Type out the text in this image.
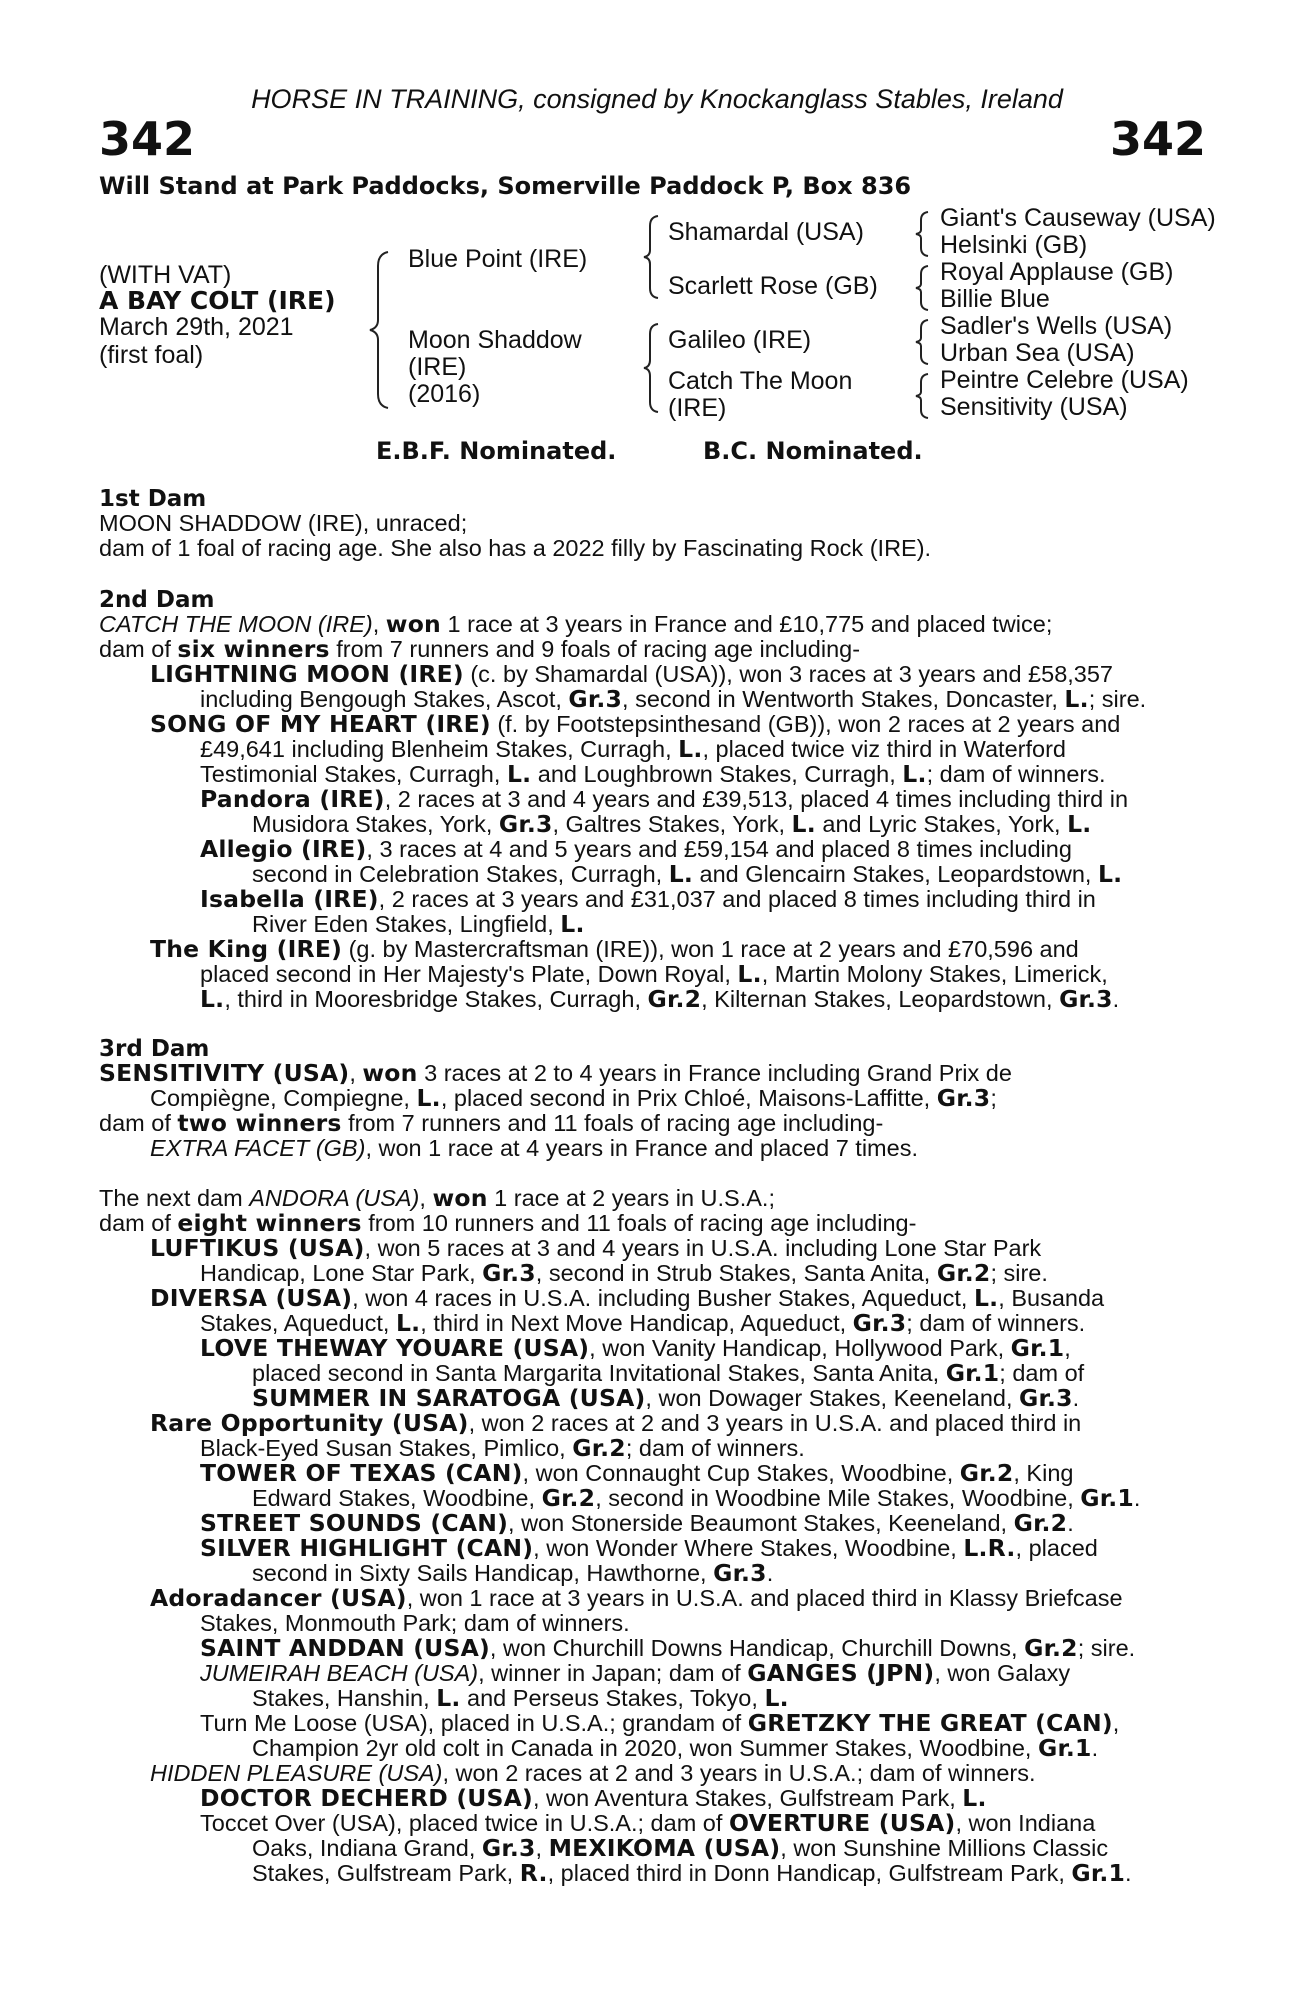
HORSE IN TRAINING, consigned by Knockanglass Stables, Ireland
342	342
Will Stand at Park Paddocks, Somerville Paddock P, Box 836
(WITH VAT)
A BAY COLT (IRE)
March 29th, 2021
(first foal)
Blue Point (IRE)
Moon Shaddow
(IRE)
(2016)
Shamardal (USA)
Scarlett Rose (GB)
Galileo (IRE)
Catch The Moon
(IRE)
Giant's Causeway (USA)
Helsinki (GB)
Royal Applause (GB)
Billie Blue
Sadler's Wells (USA)
Urban Sea (USA)
Peintre Celebre (USA)
Sensitivity (USA)
E.B.F. Nominated.	B.C. Nominated.
1st Dam
MOON SHADDOW (IRE), unraced;
dam of 1 foal of racing age. She also has a 2022 filly by Fascinating Rock (IRE).
2nd Dam
CATCH THE MOON (IRE), won 1 race at 3 years in France and £10,775 and placed twice;
dam of six winners from 7 runners and 9 foals of racing age including-
LIGHTNING MOON (IRE) (c. by Shamardal (USA)), won 3 races at 3 years and £58,357
including Bengough Stakes, Ascot, Gr.3, second in Wentworth Stakes, Doncaster, L.; sire.
SONG OF MY HEART (IRE) (f. by Footstepsinthesand (GB)), won 2 races at 2 years and
£49,641 including Blenheim Stakes, Curragh, L., placed twice viz third in Waterford
Testimonial Stakes, Curragh, L. and Loughbrown Stakes, Curragh, L.; dam of winners.
Pandora (IRE), 2 races at 3 and 4 years and £39,513, placed 4 times including third in
Musidora Stakes, York, Gr.3, Galtres Stakes, York, L. and Lyric Stakes, York, L.
Allegio (IRE), 3 races at 4 and 5 years and £59,154 and placed 8 times including
second in Celebration Stakes, Curragh, L. and Glencairn Stakes, Leopardstown, L.
Isabella (IRE), 2 races at 3 years and £31,037 and placed 8 times including third in
River Eden Stakes, Lingfield, L.
The King (IRE) (g. by Mastercraftsman (IRE)), won 1 race at 2 years and £70,596 and
placed second in Her Majesty's Plate, Down Royal, L., Martin Molony Stakes, Limerick,
L., third in Mooresbridge Stakes, Curragh, Gr.2, Kilternan Stakes, Leopardstown, Gr.3.
3rd Dam
SENSITIVITY (USA), won 3 races at 2 to 4 years in France including Grand Prix de
Compiègne, Compiegne, L., placed second in Prix Chloé, Maisons-Laffitte, Gr.3;
dam of two winners from 7 runners and 11 foals of racing age including-
EXTRA FACET (GB), won 1 race at 4 years in France and placed 7 times.
The next dam ANDORA (USA), won 1 race at 2 years in U.S.A.;
dam of eight winners from 10 runners and 11 foals of racing age including-
LUFTIKUS (USA), won 5 races at 3 and 4 years in U.S.A. including Lone Star Park
Handicap, Lone Star Park, Gr.3, second in Strub Stakes, Santa Anita, Gr.2; sire.
DIVERSA (USA), won 4 races in U.S.A. including Busher Stakes, Aqueduct, L., Busanda
Stakes, Aqueduct, L., third in Next Move Handicap, Aqueduct, Gr.3; dam of winners.
LOVE THEWAY YOUARE (USA), won Vanity Handicap, Hollywood Park, Gr.1,
placed second in Santa Margarita Invitational Stakes, Santa Anita, Gr.1; dam of
SUMMER IN SARATOGA (USA), won Dowager Stakes, Keeneland, Gr.3.
Rare Opportunity (USA), won 2 races at 2 and 3 years in U.S.A. and placed third in
Black-Eyed Susan Stakes, Pimlico, Gr.2; dam of winners.
TOWER OF TEXAS (CAN), won Connaught Cup Stakes, Woodbine, Gr.2, King
Edward Stakes, Woodbine, Gr.2, second in Woodbine Mile Stakes, Woodbine, Gr.1.
STREET SOUNDS (CAN), won Stonerside Beaumont Stakes, Keeneland, Gr.2.
SILVER HIGHLIGHT (CAN), won Wonder Where Stakes, Woodbine, L.R., placed
second in Sixty Sails Handicap, Hawthorne, Gr.3.
Adoradancer (USA), won 1 race at 3 years in U.S.A. and placed third in Klassy Briefcase
Stakes, Monmouth Park; dam of winners.
SAINT ANDDAN (USA), won Churchill Downs Handicap, Churchill Downs, Gr.2; sire.
JUMEIRAH BEACH (USA), winner in Japan; dam of GANGES (JPN), won Galaxy
Stakes, Hanshin, L. and Perseus Stakes, Tokyo, L.
Turn Me Loose (USA), placed in U.S.A.; grandam of GRETZKY THE GREAT (CAN),
Champion 2yr old colt in Canada in 2020, won Summer Stakes, Woodbine, Gr.1.
HIDDEN PLEASURE (USA), won 2 races at 2 and 3 years in U.S.A.; dam of winners.
DOCTOR DECHERD (USA), won Aventura Stakes, Gulfstream Park, L.
Toccet Over (USA), placed twice in U.S.A.; dam of OVERTURE (USA), won Indiana
Oaks, Indiana Grand, Gr.3, MEXIKOMA (USA), won Sunshine Millions Classic
Stakes, Gulfstream Park, R., placed third in Donn Handicap, Gulfstream Park, Gr.1.
